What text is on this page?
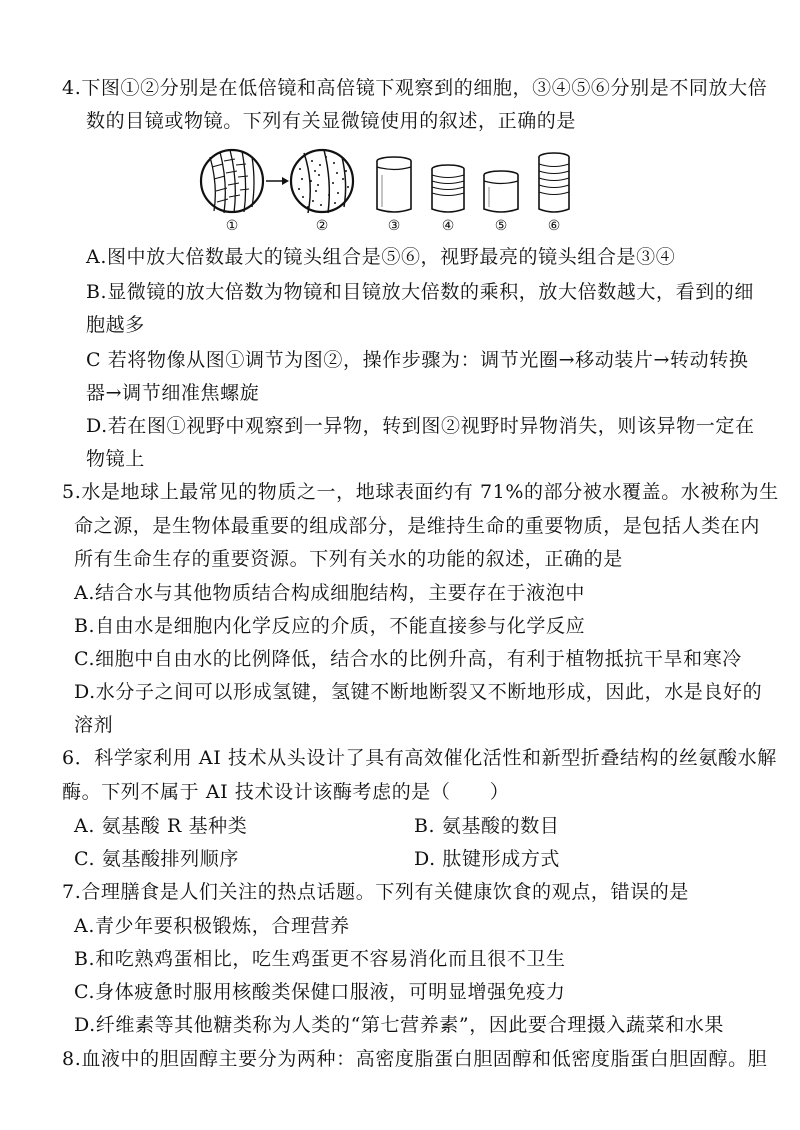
4.下图①②分别是在低倍镜和高倍镜下观察到的细胞，③④⑤⑥分别是不同放大倍
数的目镜或物镜。下列有关显微镜使用的叙述，正确的是
①	②	③	④	⑤	⑥
A.图中放大倍数最大的镜头组合是⑤⑥，视野最亮的镜头组合是③④
B.显微镜的放大倍数为物镜和目镜放大倍数的乘积，放大倍数越大，看到的细
胞越多
C 若将物像从图①调节为图②，操作步骤为：调节光圈→移动装片→转动转换
器→调节细准焦螺旋
D.若在图①视野中观察到一异物，转到图②视野时异物消失，则该异物一定在
物镜上
5.水是地球上最常见的物质之一，地球表面约有 71%的部分被水覆盖。水被称为生
命之源，是生物体最重要的组成部分，是维持生命的重要物质，是包括人类在内
所有生命生存的重要资源。下列有关水的功能的叙述，正确的是
A.结合水与其他物质结合构成细胞结构，主要存在于液泡中
B.自由水是细胞内化学反应的介质，不能直接参与化学反应
C.细胞中自由水的比例降低，结合水的比例升高，有利于植物抵抗干旱和寒冷
D.水分子之间可以形成氢键，氢键不断地断裂又不断地形成，因此，水是良好的
溶剂
6．科学家利用 AI 技术从头设计了具有高效催化活性和新型折叠结构的丝氨酸水解
酶。下列不属于 AI 技术设计该酶考虑的是（　　）
A. 氨基酸 R 基种类	B. 氨基酸的数目
C. 氨基酸排列顺序	D. 肽键形成方式
7.合理膳食是人们关注的热点话题。下列有关健康饮食的观点，错误的是
A.青少年要积极锻炼，合理营养
B.和吃熟鸡蛋相比，吃生鸡蛋更不容易消化而且很不卫生
C.身体疲惫时服用核酸类保健口服液，可明显增强免疫力
D.纤维素等其他糖类称为人类的“第七营养素”，因此要合理摄入蔬菜和水果
8.血液中的胆固醇主要分为两种：高密度脂蛋白胆固醇和低密度脂蛋白胆固醇。胆
